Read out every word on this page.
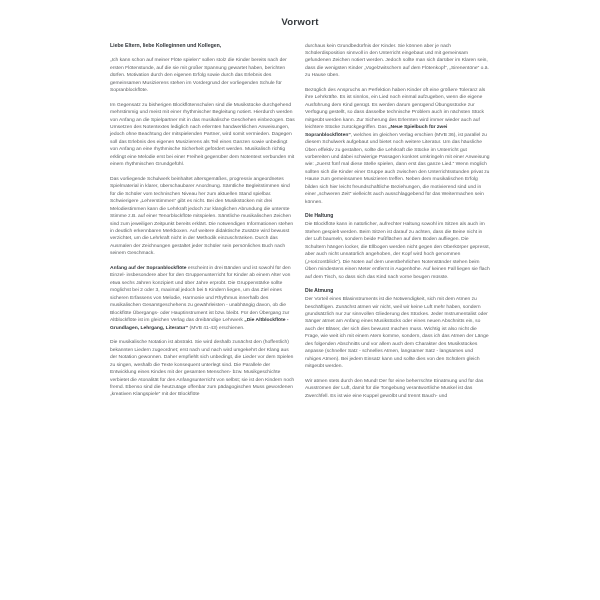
Vorwort
Liebe Eltern, liebe Kolleginnen und Kollegen,

„Ich kann schon auf meiner Flöte spielen“ sollen stolz die Kinder bereits nach der ersten Flötenstunde, auf die sie mit großer Spannung gewartet haben, berichten dürfen. Motivation durch den eigenen Erfolg sowie durch das Erlebnis des gemeinsamen Musizierens stehen im Vordergrund der vorliegenden Schule für Sopranblockflöte.

Im Gegensatz zu bisherigen Blockflötenschulen sind die Musikstücke durchgehend mehrstimmig und meist mit einer rhythmischer Begleitung notiert. Hierdurch werden von Anfang an die Spielpartner mit in das musikalische Geschehen einbezogen. Das Umsetzen des Notentextes lediglich nach erlernten handwerklichen Anweisungen, jedoch ohne Beachtung der mitspielenden Partner, wird somit vermieden. Dagegen soll das Erlebnis des eigenen Musizierens als Teil eines Ganzen sowie unbedingt von Anfang an eine rhythmische Sicherheit gefördert werden. Musikalisch richtig erklingt eine Melodie erst bei einer Freiheit gegenüber dem Notentext verbunden mit einem rhythmischen Grundgefühl.

Das vorliegende Schulwerk beinhaltet altersgemäßes, progressiv angeordnetes Spielmaterial in klarer, überschaubarer Anordnung. Sämtliche Begleitstimmen sind für die Schüler vom technischen Niveau her zum aktuellen Stand spielbar. Schwierigere „Lehrerstimmen“ gibt es nicht. Bei den Musikstücken mit drei Melodiestimmen kann die Lehrkraft jedoch zur klanglichen Abrundung die unterste Stimme z.B. auf einer Tenorblockflöte mitspielen. Sämtliche musikalischen Zeichen sind zum jeweiligen Zeitpunkt bereits erklärt. Die notwendigen Informationen stehen in deutlich erkennbaren Merkboxen. Auf weitere didaktische Zusätze wird bewusst verzichtet, um die Lehrkraft nicht in der Methodik einzuschränken. Durch das Ausmalen der Zeichnungen gestaltet jeder Schüler sein persönliches Buch nach seinem Geschmack.

Anfang auf der Sopranblockflöte erscheint in drei Bänden und ist sowohl für den Einzel- insbesondere aber für den Gruppenunterricht für Kinder ab einem Alter von etwa sechs Jahren konzipiert und über Jahre erprobt. Die Gruppenstärke sollte möglichst bei 2 oder 3, maximal jedoch bei 5 Kindern liegen, um das Ziel eines sicheren Erfassens von Melodie, Harmonie und Rhythmus innerhalb des musikalischen Gesamtgeschehens zu gewährleisten - unabhängig davon, ob die Blockflöte Übergangs- oder Hauptinstrument ist bzw. bleibt. Für den Übergang zur Altblockflöte ist im gleichen Verlag das dreibändige Lehrwerk „Die Altblockflöte - Grundlagen, Lehrgang, Literatur“ (MVB 41-43) erschienen.

Die musikalische Notation ist abstrakt. Sie wird deshalb zunächst den (hoffentlich) bekannten Liedern zugeordnet; erst nach und nach wird umgekehrt der Klang aus der Notation gewonnen. Daher empfiehlt sich unbedingt, die Lieder vor dem Spielen zu singen, weshalb die Texte konsequent unterlegt sind. Die Parallele der Entwicklung eines Kindes mit der gesamten Menschen- bzw. Musikgeschichte verbietet die Atonalität für den Anfangsunterricht von selbst; sie ist den Kindern noch fremd. Ebenso sind die heutzutage offenbar zum pädagogischen Muss gewordenen „kreativen Klangspiele“ mit der Blockflöte

durchaus kein Grundbedürfnis der Kinder. Sie können aber je nach Schülerdisposition sinnvoll in den Unterricht eingebaut und mit gemeinsam gefundenen Zeichen notiert werden. Jedoch sollte man sich darüber im Klaren sein, dass die wenigsten Kinder „Vogelzwitschern auf dem Flötenkopf“, „Sirenentöne“ o.ä. zu Hause üben.

Bezüglich des Anspruchs an Perfektion haben Kinder oft eine größere Toleranz als ihre Lehrkräfte. Es ist sinnlos, ein Lied noch einmal aufzugeben, wenn die eigene Ausführung dem Kind genügt. Es werden darum genügend Übungsstücke zur Verfügung gestellt, so dass dasselbe technische Problem auch im nächsten Stück mitgeübt werden kann. Zur Sicherung des Erlernten wird immer wieder auch auf leichtere Stücke zurückgegriffen. Das „Neue Spielbuch für zwei Sopranblockflöten“, welches im gleichen Verlag erschien (MVB 36), ist parallel zu diesem Schulwerk aufgebaut und bietet noch weitere Literatur. Um das häusliche Üben effektiv zu gestalten, sollte die Lehrkraft die Stücke im Unterricht gut vorbereiten und dabei schwierige Passagen konkret umkringeln mit einer Anweisung wie: „zuerst fünf mal diese Stelle spielen, dann erst das ganze Lied.“ Wenn möglich sollten sich die Kinder einer Gruppe auch zwischen den Unterrichtsstunden privat zu Hause zum gemeinsamen Musizieren treffen. Neben dem musikalischen Erfolg bilden sich hier leicht freundschaftliche Beziehungen, die motivierend sind und in einer „schweren Zeit“ vielleicht auch ausschlaggebend für das Weitermachen sein können.

Die Haltung

Die Blockflöte kann in natürlicher, aufrechter Haltung sowohl im Sitzen als auch im Stehen gespielt werden. Beim Sitzen ist darauf zu achten, dass die Beine nicht in der Luft baumeln, sondern beide Fußflächen auf dem Boden aufliegen. Die Schultern hängen locker, die Ellbogen werden nicht gegen den Oberkörper gepresst, aber auch nicht unnatürlich angehoben, der Kopf wird hoch genommen („Horizontblick“). Die Noten auf dem unentbehrlichen Notenständer stehen beim Üben mindestens einen Meter entfernt in Augenhöhe. Auf keinen Fall liegen sie flach auf dem Tisch, so dass sich das Kind nach vorne beugen müsste.

Die Atmung

Der Vorteil eines Blasinstruments ist die Notwendigkeit, sich mit dem Atmen zu beschäftigen. Zunächst atmen wir nicht, weil wir keine Luft mehr haben, sondern grundsätzlich nur zur sinnvollen Gliederung des Stückes. Jeder Instrumentalist oder Sänger atmet am Anfang eines Musikstücks oder eines neuen Abschnitts ein, so auch der Bläser, der sich dies bewusst machen muss. Wichtig ist also nicht die Frage, wie weit ich mit einem Atem komme, sondern, dass ich das Atmen der Länge des folgenden Abschnitts und vor allem auch dem Charakter des Musikstückes anpasse (schneller Satz - schnelles Atmen, langsamer Satz - langsames und ruhiges Atmen). Bei jedem Einsatz kann und sollte dies von den Schülern gleich mitgeübt werden.

Wir atmen stets durch den Mund! Der für eine beherrschte Einatmung und für das Ausströmen der Luft, damit für die Tongebung verantwortliche Muskel ist das Zwerchfell. Es ist wie eine Kuppel gewölbt und trennt Bauch- und
